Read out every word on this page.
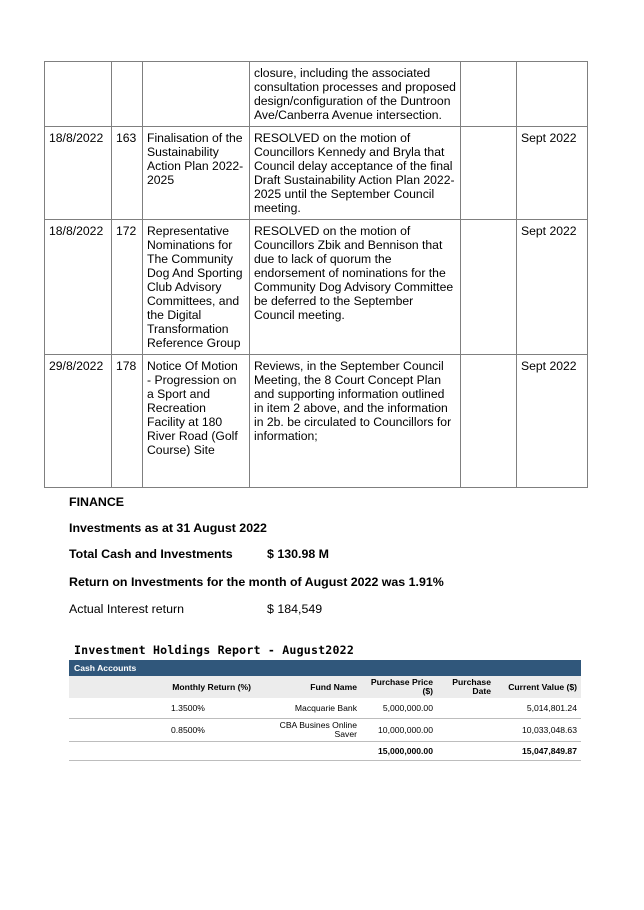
			closure, including the associated consultation processes and proposed design/configuration of the Duntroon Ave/Canberra Avenue intersection.		
18/8/2022	163	Finalisation of the Sustainability Action Plan 2022-2025	RESOLVED on the motion of Councillors Kennedy and Bryla that Council delay acceptance of the final Draft Sustainability Action Plan 2022-2025 until the September Council meeting.		Sept 2022
18/8/2022	172	Representative Nominations for The Community Dog And Sporting Club Advisory Committees, and the Digital Transformation Reference Group	RESOLVED on the motion of Councillors Zbik and Bennison that due to lack of quorum the endorsement of nominations for the Community Dog Advisory Committee be deferred to the September Council meeting.		Sept 2022
29/8/2022	178	Notice Of Motion - Progression on a Sport and Recreation Facility at 180 River Road (Golf Course) Site	Reviews, in the September Council Meeting, the 8 Court Concept Plan and supporting information outlined in item 2 above, and the information in 2b. be circulated to Councillors for information;		Sept 2022
FINANCE
Investments as at 31 August 2022
Total Cash and Investments	$ 130.98 M
Return on Investments for the month of August 2022 was 1.91%
Actual Interest return	$ 184,549
Investment Holdings Report - August2022
Cash Accounts
Monthly Return (%)	Fund Name	Purchase Price ($)	Purchase Date	Current Value ($)
1.3500%	Macquarie Bank	5,000,000.00		5,014,801.24
0.8500%	CBA Busines Online Saver	10,000,000.00		10,033,048.63
		15,000,000.00		15,047,849.87
